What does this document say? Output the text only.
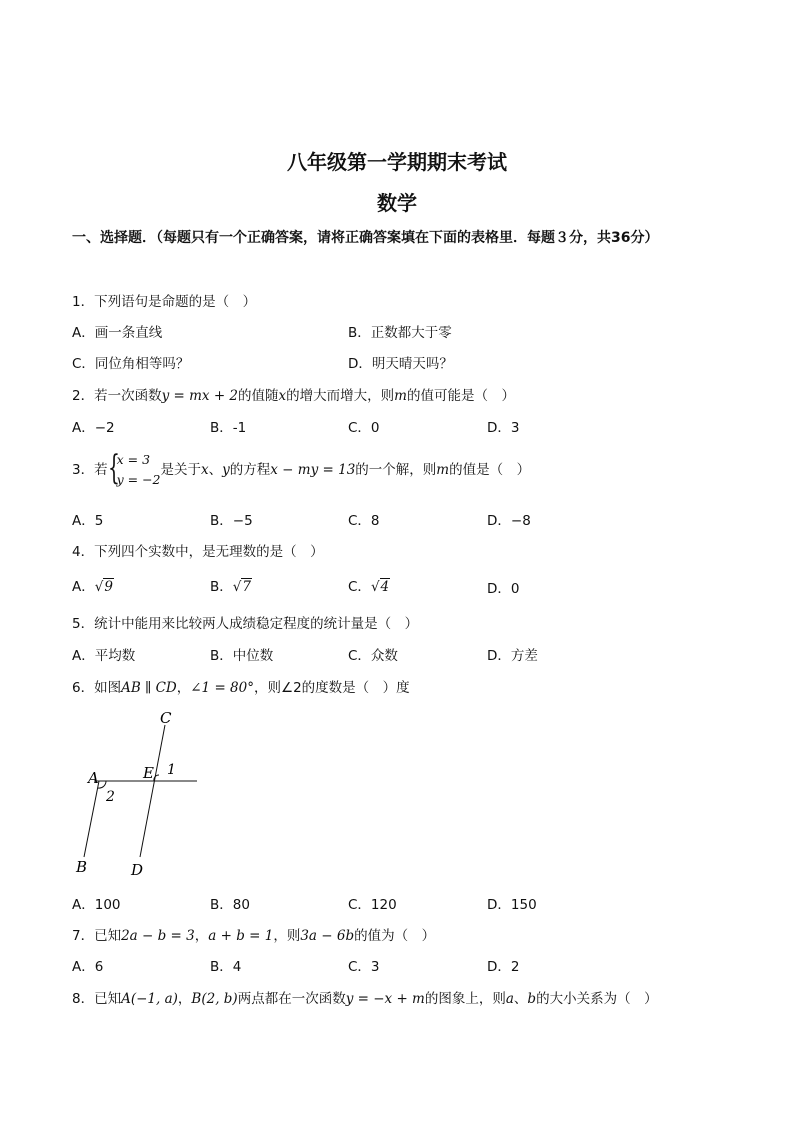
八年级第一学期期末考试
数学
一、选择题．（每题只有一个正确答案，请将正确答案填在下面的表格里．每题３分，共36分）
1．下列语句是命题的是（　）
A．画一条直线	B．正数都大于零
C．同位角相等吗？	D．明天晴天吗？
2．若一次函数y = mx + 2的值随x的增大而增大，则m的值可能是（　）
A．−2	B．-1	C．0	D．3
3．若 {
x = 3
y = −2
是关于x、y的方程x − my = 13的一个解，则m的值是（　）
A．5	B．−5	C．8	D．−8
4．下列四个实数中，是无理数的是（　）
A．√9	B．√7	C．√4	D．0
5．统计中能用来比较两人成绩稳定程度的统计量是（　）
A．平均数	B．中位数	C．众数	D．方差
6．如图AB ∥ CD，∠1 = 80°，则∠2的度数是（　）度
C
A	E 1
2
B	D
A．100	B．80	C．120	D．150
7．已知2a − b = 3，a + b = 1，则3a − 6b的值为（　）
A．6	B．4	C．3	D．2
8．已知A(−1, a)，B(2, b)两点都在一次函数y = −x + m的图象上，则a、b的大小关系为（　）
